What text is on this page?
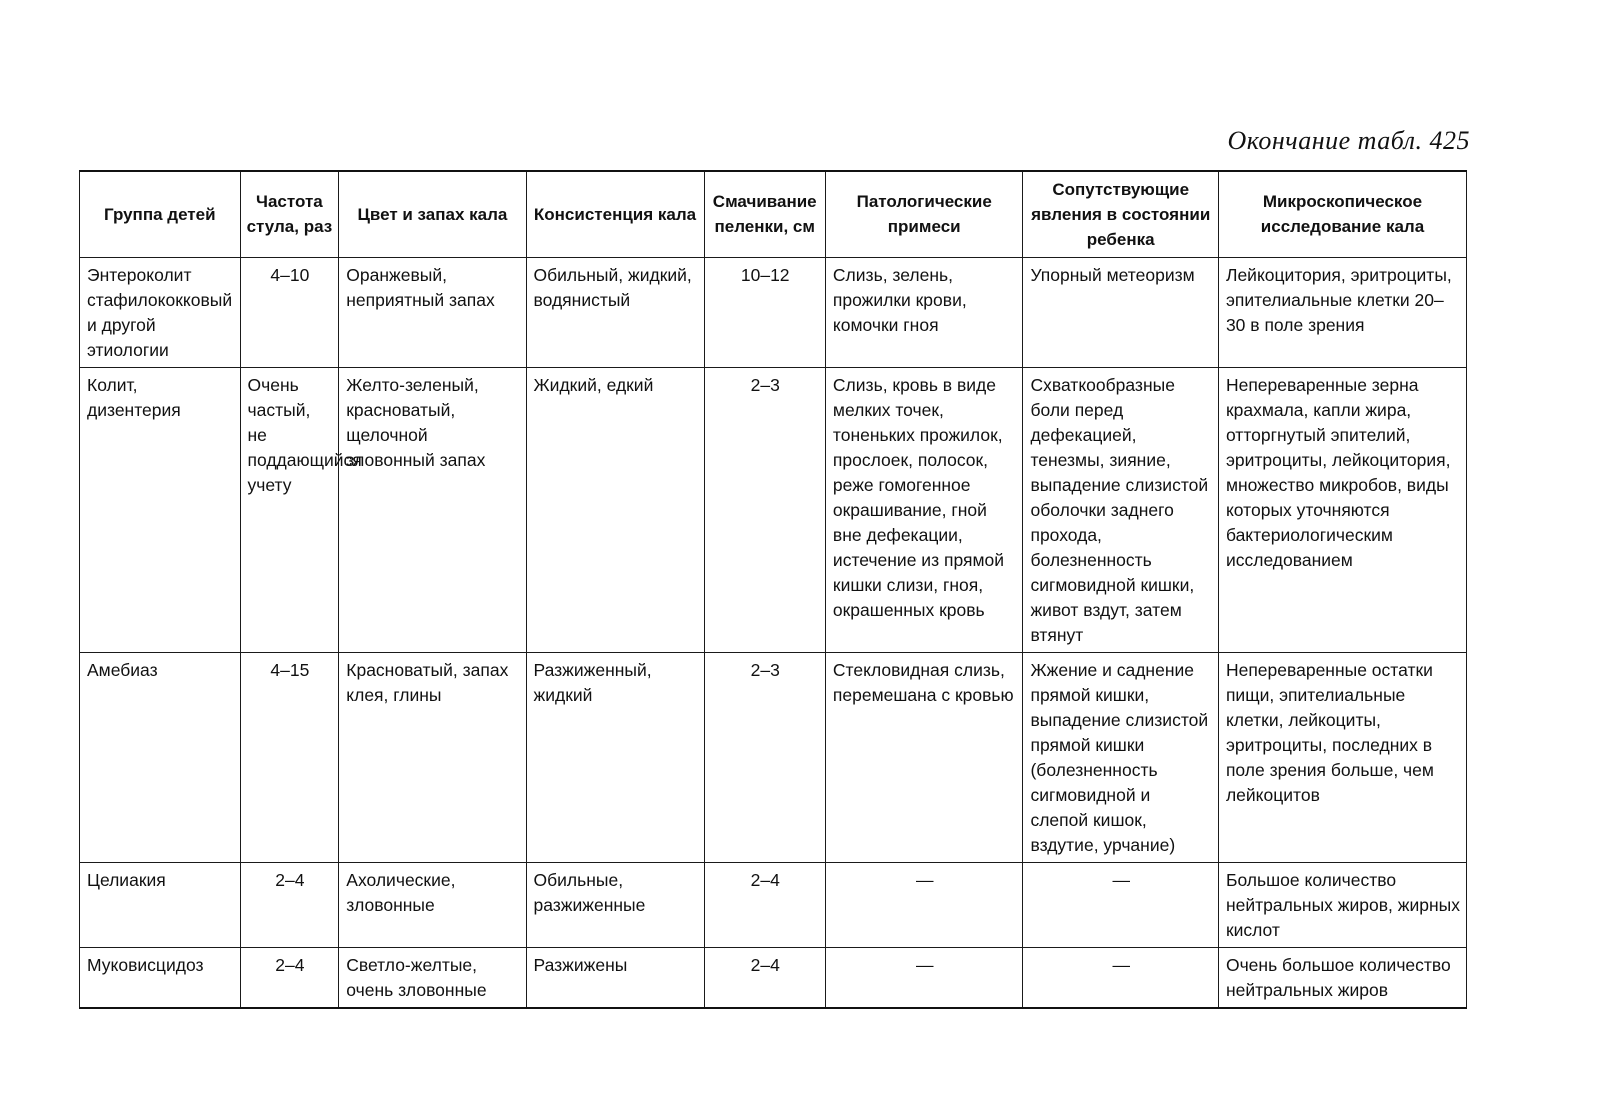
Окончание табл. 425
Группа детей	Частота стула, раз	Цвет и запах кала	Консистенция кала	Смачивание пеленки, см	Патологические примеси	Сопутствующие явления в состоянии ребенка	Микроскопическое исследование кала
Энтероколит стафилококковый и другой этиологии	4–10	Оранжевый, неприятный запах	Обильный, жидкий, водянистый	10–12	Слизь, зелень, прожилки крови, комочки гноя	Упорный метеоризм	Лейкоцитория, эритроциты, эпителиальные клетки 20–30 в поле зрения
Колит, дизентерия	Очень частый, не поддающийся учету	Желто-зеленый, красноватый, щелочной зловонный запах	Жидкий, едкий	2–3	Слизь, кровь в виде мелких точек, тоненьких прожилок, прослоек, полосок, реже гомогенное окрашивание, гной вне дефекации, истечение из прямой кишки слизи, гноя, окрашенных кровь	Схваткообразные боли перед дефекацией, тенезмы, зияние, выпадение слизистой оболочки заднего прохода, болезненность сигмовидной кишки, живот вздут, затем втянут	Непереваренные зерна крахмала, капли жира, отторгнутый эпителий, эритроциты, лейкоцитория, множество микробов, виды которых уточняются бактериологическим исследованием
Амебиаз	4–15	Красноватый, запах клея, глины	Разжиженный, жидкий	2–3	Стекловидная слизь, перемешана с кровью	Жжение и саднение прямой кишки, выпадение слизистой прямой кишки (болезненность сигмовидной и слепой кишок, вздутие, урчание)	Непереваренные остатки пищи, эпителиальные клетки, лейкоциты, эритроциты, последних в поле зрения больше, чем лейкоцитов
Целиакия	2–4	Ахолические, зловонные	Обильные, разжиженные	2–4	—	—	Большое количество нейтральных жиров, жирных кислот
Муковисцидоз	2–4	Светло-желтые, очень зловонные	Разжижены	2–4	—	—	Очень большое количество нейтральных жиров
